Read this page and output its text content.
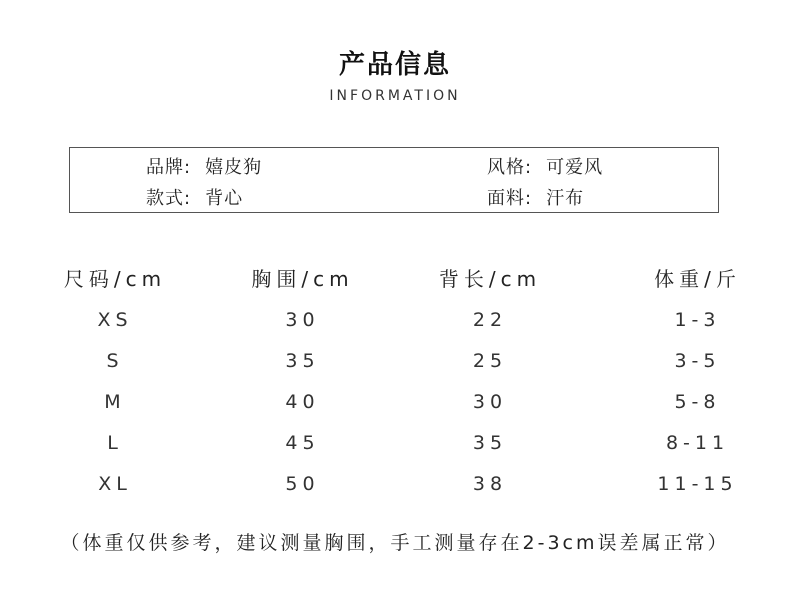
产品信息
INFORMATION
品牌: 嬉皮狗
款式: 背心
风格: 可爱风
面料: 汗布
尺码/cm	胸围/cm	背长/cm	体重/斤
XS	30	22	1-3
S	35	25	3-5
M	40	30	5-8
L	45	35	8-11
XL	50	38	11-15
（体重仅供参考，建议测量胸围，手工测量存在2-3cm误差属正常）
